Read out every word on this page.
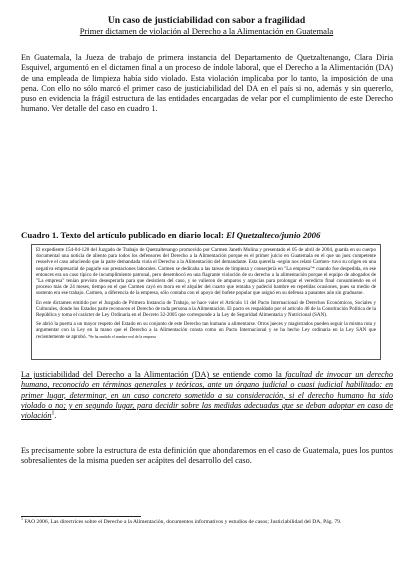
Un caso de justiciabilidad con sabor a fragilidad
Primer dictamen de violación al Derecho a la Alimentación en Guatemala

En Guatemala, la Jueza de trabajo de primera instancia del Departamento de Quetzaltenango, Clara Diria Esquivel, argumentó en el dictamen final a un proceso de índole laboral, que el Derecho a la Alimentación (DA) de una empleada de limpieza había sido violado. Esta violación implicaba por lo tanto, la imposición de una pena. Con ello no sólo marcó el primer caso de justiciabilidad del DA en el país si no, además y sin quererlo, puso en evidencia la frágil estructura de las entidades encargadas de velar por el cumplimiento de este Derecho humano. Ver detalle del caso en cuadro 1.

Cuadro 1. Texto del artículo publicado en diario local: El Quetzalteco/junio 2006

El expediente 154-04-128 del Juzgado de Trabajo de Quetzaltenango promovido por Carmen Janeth Molina y presentado el 05 de abril de 2004, guarda en su cuerpo documental una noticia de aliento para todos los defensores del Derecho a la Alimentación porque es el primer juicio en Guatemala en el que un juez competente resuelve el caso aduciendo que la parte demandada viola el Derecho a la Alimentación del demandante. Esta querella -según nos relató Carmen- tuvo su origen en una negativa empresarial de pagarle sus prestaciones laborales. Carmen se dedicaba a las tareas de limpieza y conserjería en "La empresa"* cuando fue despedida, en ese entonces era un caso típico de incumplimiento patronal, pero desembocó en una flagrante violación de su derecho a la alimentación porque el equipo de abogados de "La empresa" tenían previsto desesperarla para que desistiera del caso, y se valieron de amparos y argucias para prolongar el veredicto final consumiendo en el proceso más de 24 meses, tiempo en el que Carmen cayó en mora en el alquiler del cuarto que rentaba y padeció hambre en repetidas ocasiones, pues su medio de sustento era ese trabajo. Carmen, a diferencia de la empresa, sólo contaba con el apoyo del bufete popular que asignó en su defensa a pasantes aún sin graduarse.

En este dictamen emitido por el Juzgado de Primera Instancia de Trabajo, se hace valer el Artículo 11 del Pacto Internacional de Derechos Económicos, Sociales y Culturales, donde los Estados parte reconocen el Derecho de toda persona a la Alimentación. El pacto es respaldado por el artículo 46 de la Constitución Política de la República y toma el carácter de Ley Ordinaria en el Decreto 32-2005 que corresponde a la Ley de Seguridad Alimentaria y Nutricional (SAN).

Se abrió la puerta a un mayor respeto del Estado en su conjunto de este Derecho tan humano a alimentarse. Otros jueces y magistrados pueden seguir la misma ruta y argumentar con la Ley en la mano que el Derecho a la Alimentación consta como un Pacto Internacional y se ha hecho Ley ordinaria en la Ley SAN que recientemente se aprobó. *Se ha omitido el nombre real de la empresa

La justiciabilidad del Derecho a la Alimentación (DA) se entiende como la facultad de invocar un derecho humano, reconocido en términos generales y teóricos, ante un órgano judicial o cuasi judicial habilitado: en primer lugar, determinar, en un caso concreto sometido a su consideración, si el derecho humano ha sido violado o no; y en segundo lugar, para decidir sobre las medidas adecuadas que se deban adoptar en caso de violación$^1$.

Es precisamente sobre la estructura de esta definición que ahondaremos en el caso de Guatemala, pues los puntos sobresalientes de la misma pueden ser acápites del desarrollo del caso.

$^1$ FAO 2006, Las directrices sobre el Derecho a la Alimentación, documentos informativos y estudios de casos; Justiciabilidad del DA, Pág. 79.
